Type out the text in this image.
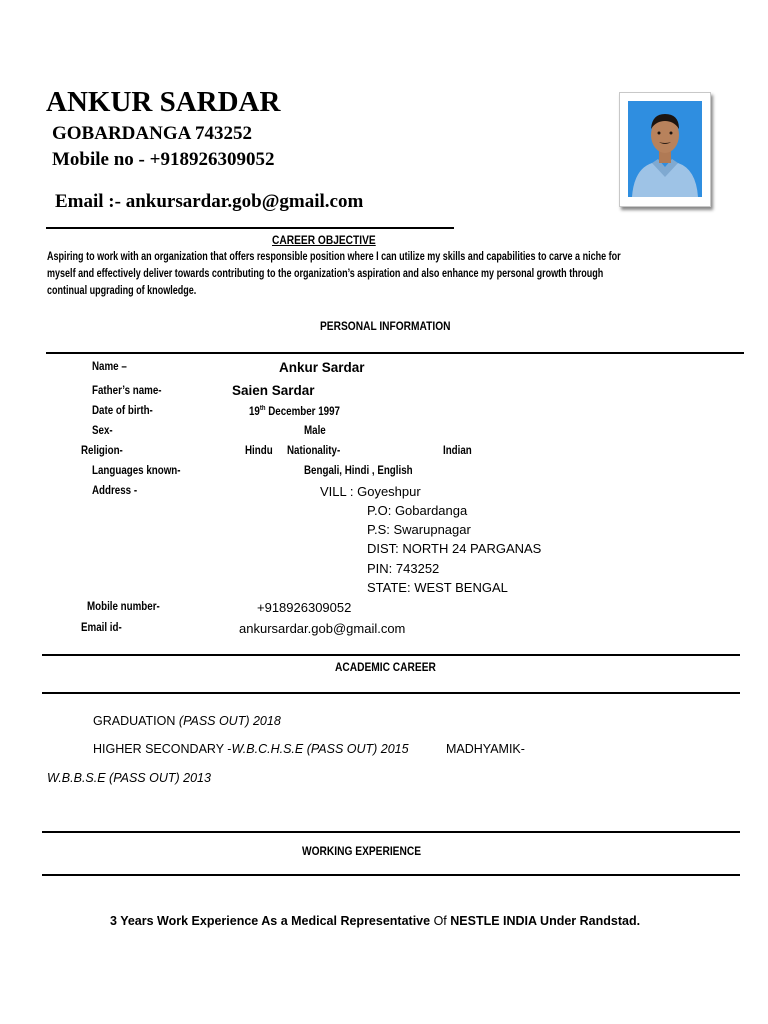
ANKUR SARDAR
GOBARDANGA 743252
Mobile no - +918926309052
Email :- ankursardar.gob@gmail.com
CAREER OBJECTIVE
Aspiring to work with an organization that offers responsible position where I can utilize my skills and capabilities to carve a niche for
myself and effectively deliver towards contributing to the organization’s aspiration and also enhance my personal growth through
continual upgrading of knowledge.
PERSONAL INFORMATION
Name –	Ankur Sardar
Father’s name-	Saien Sardar
Date of birth-	19th December 1997
Sex-	Male
Religion-	Hindu Nationality-	Indian
Languages known-	Bengali, Hindi , English
Address -	VILL : Goyeshpur
P.O: Gobardanga
P.S: Swarupnagar
DIST: NORTH 24 PARGANAS
PIN: 743252
STATE: WEST BENGAL
Mobile number-	+918926309052
Email id-	ankursardar.gob@gmail.com
ACADEMIC CAREER
GRADUATION (PASS OUT) 2018
HIGHER SECONDARY -W.B.C.H.S.E (PASS OUT) 2015	MADHYAMIK-
W.B.B.S.E (PASS OUT) 2013
WORKING EXPERIENCE
3 Years Work Experience As a Medical Representative Of NESTLE INDIA Under Randstad.
